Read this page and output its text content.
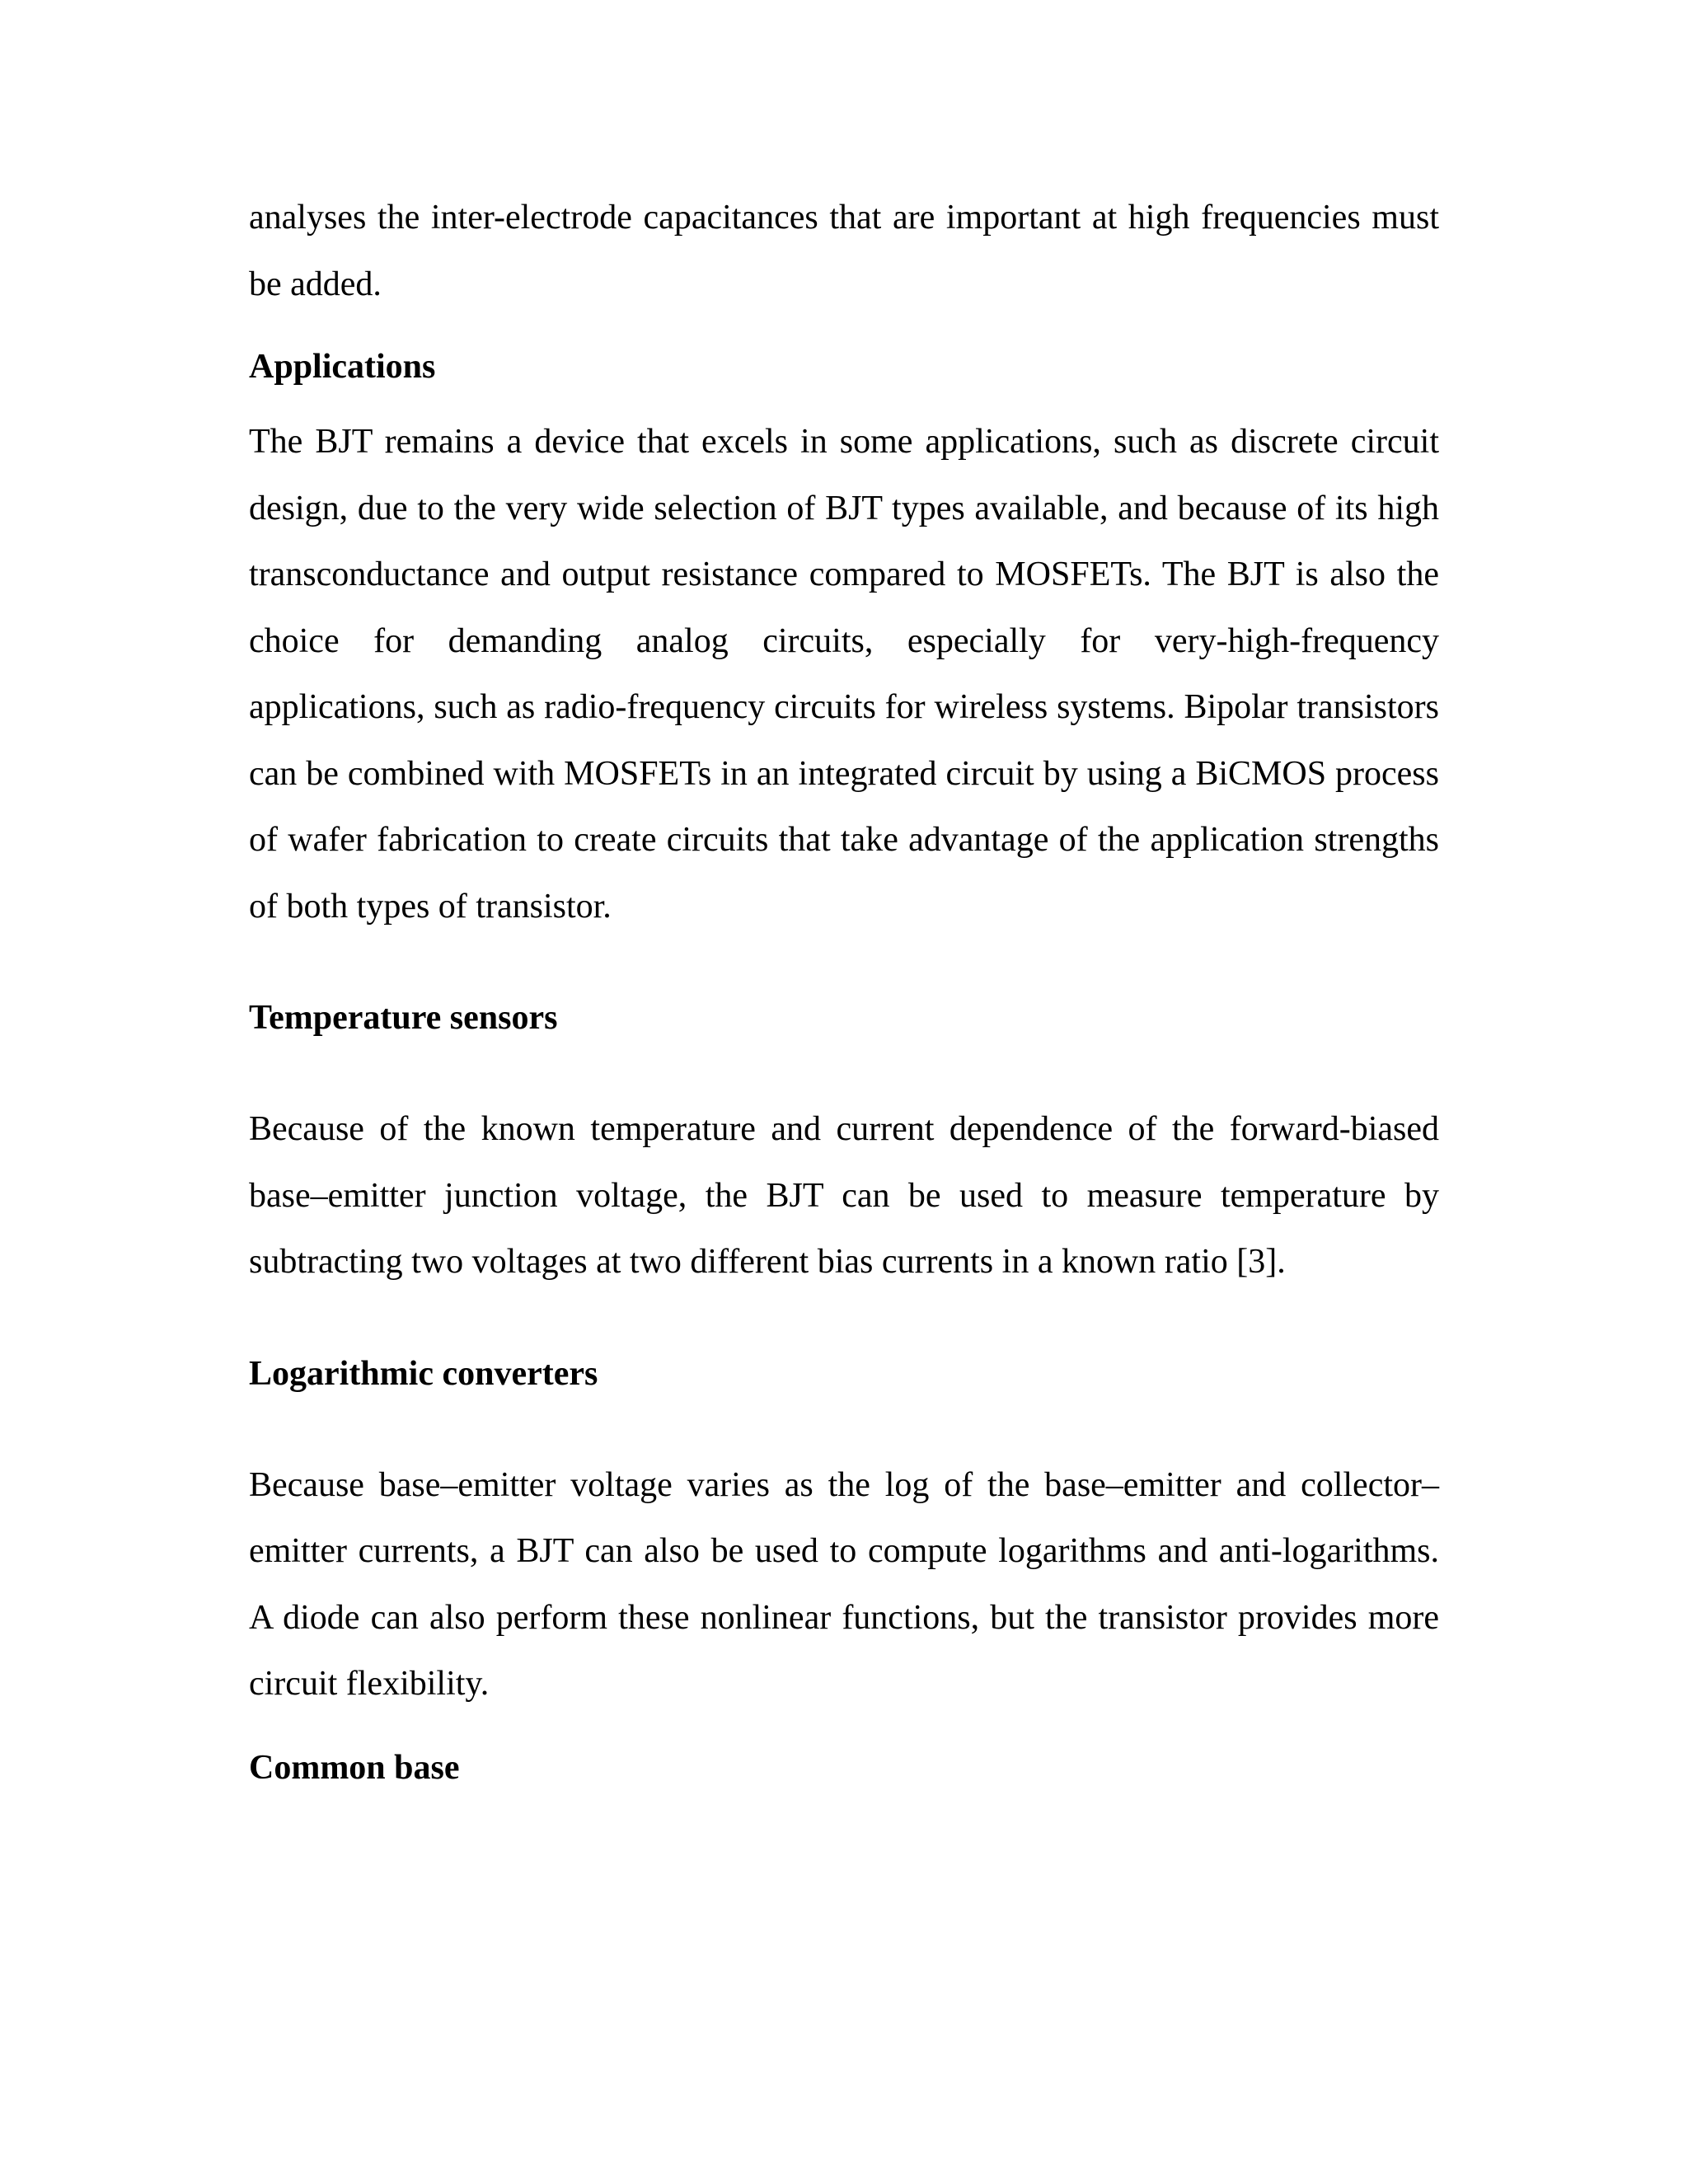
analyses the inter-electrode capacitances that are important at high frequencies must be added.

Applications

The BJT remains a device that excels in some applications, such as discrete circuit design, due to the very wide selection of BJT types available, and because of its high transconductance and output resistance compared to MOSFETs. The BJT is also the choice for demanding analog circuits, especially for very-high-frequency applications, such as radio-frequency circuits for wireless systems. Bipolar transistors can be combined with MOSFETs in an integrated circuit by using a BiCMOS process of wafer fabrication to create circuits that take advantage of the application strengths of both types of transistor.

Temperature sensors

Because of the known temperature and current dependence of the forward-biased base–emitter junction voltage, the BJT can be used to measure temperature by subtracting two voltages at two different bias currents in a known ratio [3].

Logarithmic converters

Because base–emitter voltage varies as the log of the base–emitter and collector–emitter currents, a BJT can also be used to compute logarithms and anti-logarithms. A diode can also perform these nonlinear functions, but the transistor provides more circuit flexibility.

Common base
